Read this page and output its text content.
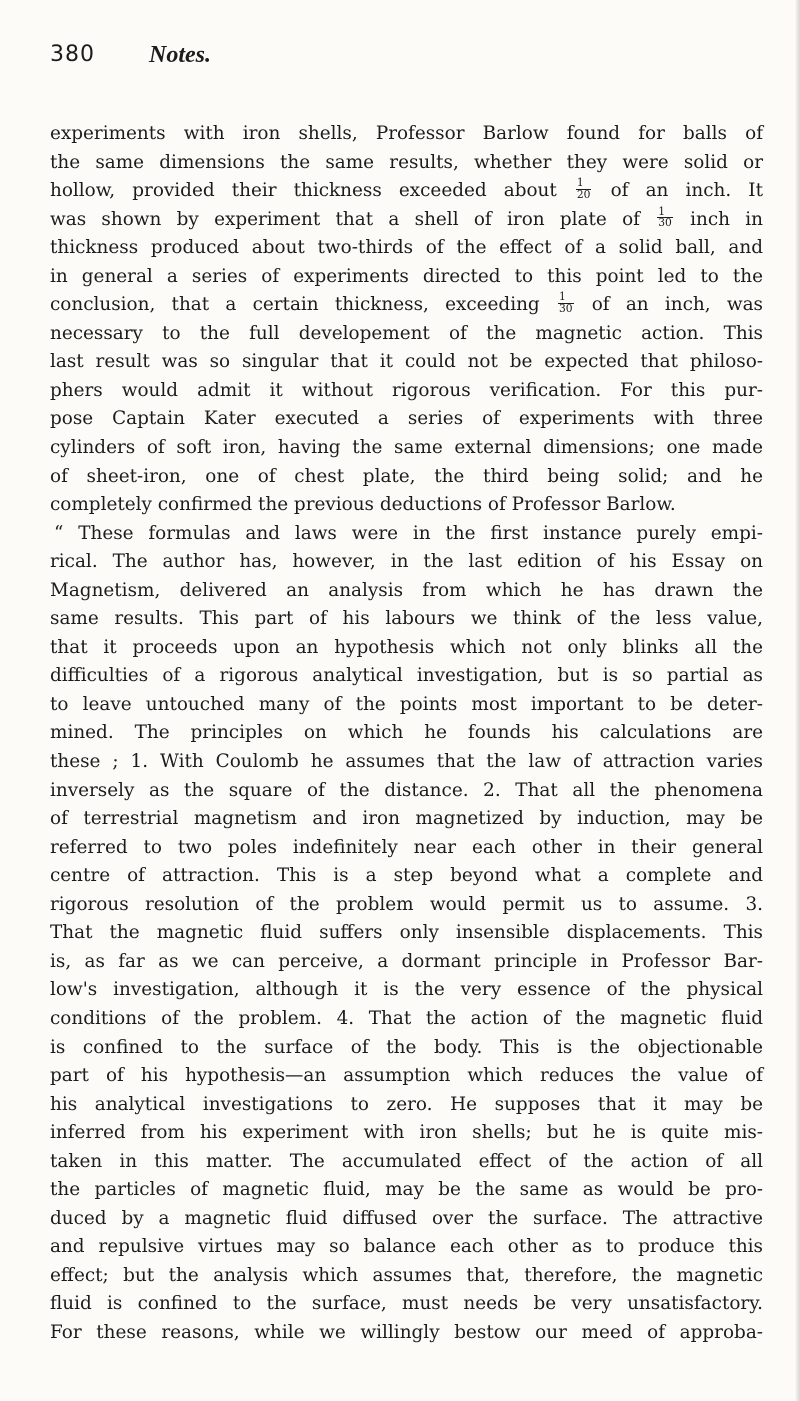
380 Notes.
experiments with iron shells, Professor Barlow found for balls of
the same dimensions the same results, whether they were solid or
hollow, provided their thickness exceeded about $\frac{1}{20}$ of an inch. It
was shown by experiment that a shell of iron plate of $\frac{1}{30}$ inch in
thickness produced about two-thirds of the effect of a solid ball, and
in general a series of experiments directed to this point led to the
conclusion, that a certain thickness, exceeding $\frac{1}{30}$ of an inch, was
necessary to the full developement of the magnetic action. This
last result was so singular that it could not be expected that philoso-
phers would admit it without rigorous verification. For this pur-
pose Captain Kater executed a series of experiments with three
cylinders of soft iron, having the same external dimensions; one made
of sheet-iron, one of chest plate, the third being solid; and he
completely confirmed the previous deductions of Professor Barlow.
“ These formulas and laws were in the first instance purely empi-
rical. The author has, however, in the last edition of his Essay on
Magnetism, delivered an analysis from which he has drawn the
same results. This part of his labours we think of the less value,
that it proceeds upon an hypothesis which not only blinks all the
difficulties of a rigorous analytical investigation, but is so partial as
to leave untouched many of the points most important to be deter-
mined. The principles on which he founds his calculations are
these ; 1. With Coulomb he assumes that the law of attraction varies
inversely as the square of the distance. 2. That all the phenomena
of terrestrial magnetism and iron magnetized by induction, may be
referred to two poles indefinitely near each other in their general
centre of attraction. This is a step beyond what a complete and
rigorous resolution of the problem would permit us to assume. 3.
That the magnetic fluid suffers only insensible displacements. This
is, as far as we can perceive, a dormant principle in Professor Bar-
low's investigation, although it is the very essence of the physical
conditions of the problem. 4. That the action of the magnetic fluid
is confined to the surface of the body. This is the objectionable
part of his hypothesis—an assumption which reduces the value of
his analytical investigations to zero. He supposes that it may be
inferred from his experiment with iron shells; but he is quite mis-
taken in this matter. The accumulated effect of the action of all
the particles of magnetic fluid, may be the same as would be pro-
duced by a magnetic fluid diffused over the surface. The attractive
and repulsive virtues may so balance each other as to produce this
effect; but the analysis which assumes that, therefore, the magnetic
fluid is confined to the surface, must needs be very unsatisfactory.
For these reasons, while we willingly bestow our meed of approba-
